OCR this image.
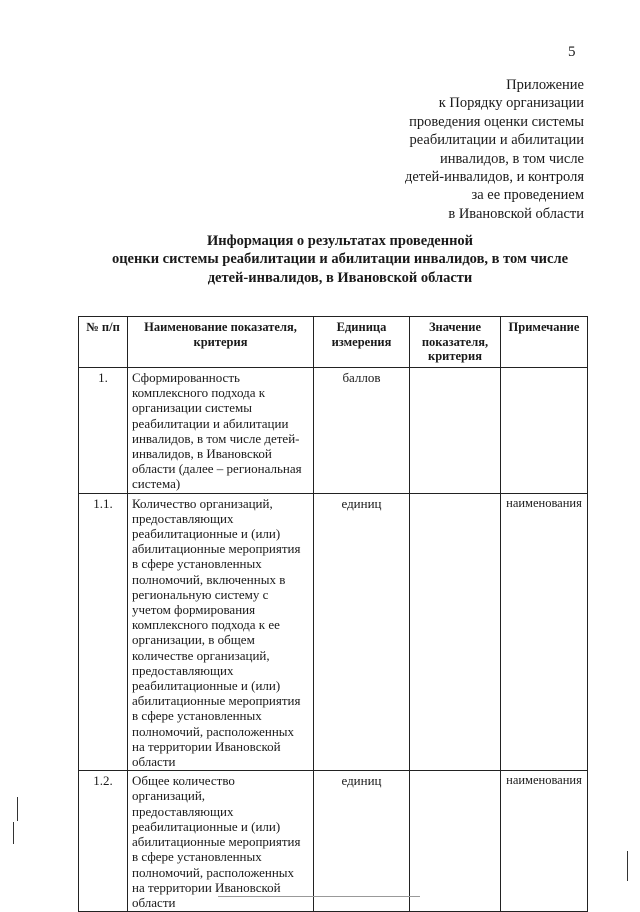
5
Приложение
к Порядку организации
проведения оценки системы
реабилитации и абилитации
инвалидов, в том числе
детей-инвалидов, и контроля
за ее проведением
в Ивановской области
Информация о результатах проведенной
оценки системы реабилитации и абилитации инвалидов, в том числе
детей-инвалидов, в Ивановской области
№ п/п	Наименование показателя, критерия	Единица измерения	Значение показателя, критерия	Примечание
1.	Сформированность комплексного подхода к организации системы реабилитации и абилитации инвалидов, в том числе детей-инвалидов, в Ивановской области (далее – региональная система)	баллов		
1.1.	Количество организаций, предоставляющих реабилитационные и (или) абилитационные мероприятия в сфере установленных полномочий, включенных в региональную систему с учетом формирования комплексного подхода к ее организации, в общем количестве организаций, предоставляющих реабилитационные и (или) абилитационные мероприятия в сфере установленных полномочий, расположенных на территории Ивановской области	единиц		наименования
1.2.	Общее количество организаций, предоставляющих реабилитационные и (или) абилитационные мероприятия в сфере установленных полномочий, расположенных на территории Ивановской области	единиц		наименования
